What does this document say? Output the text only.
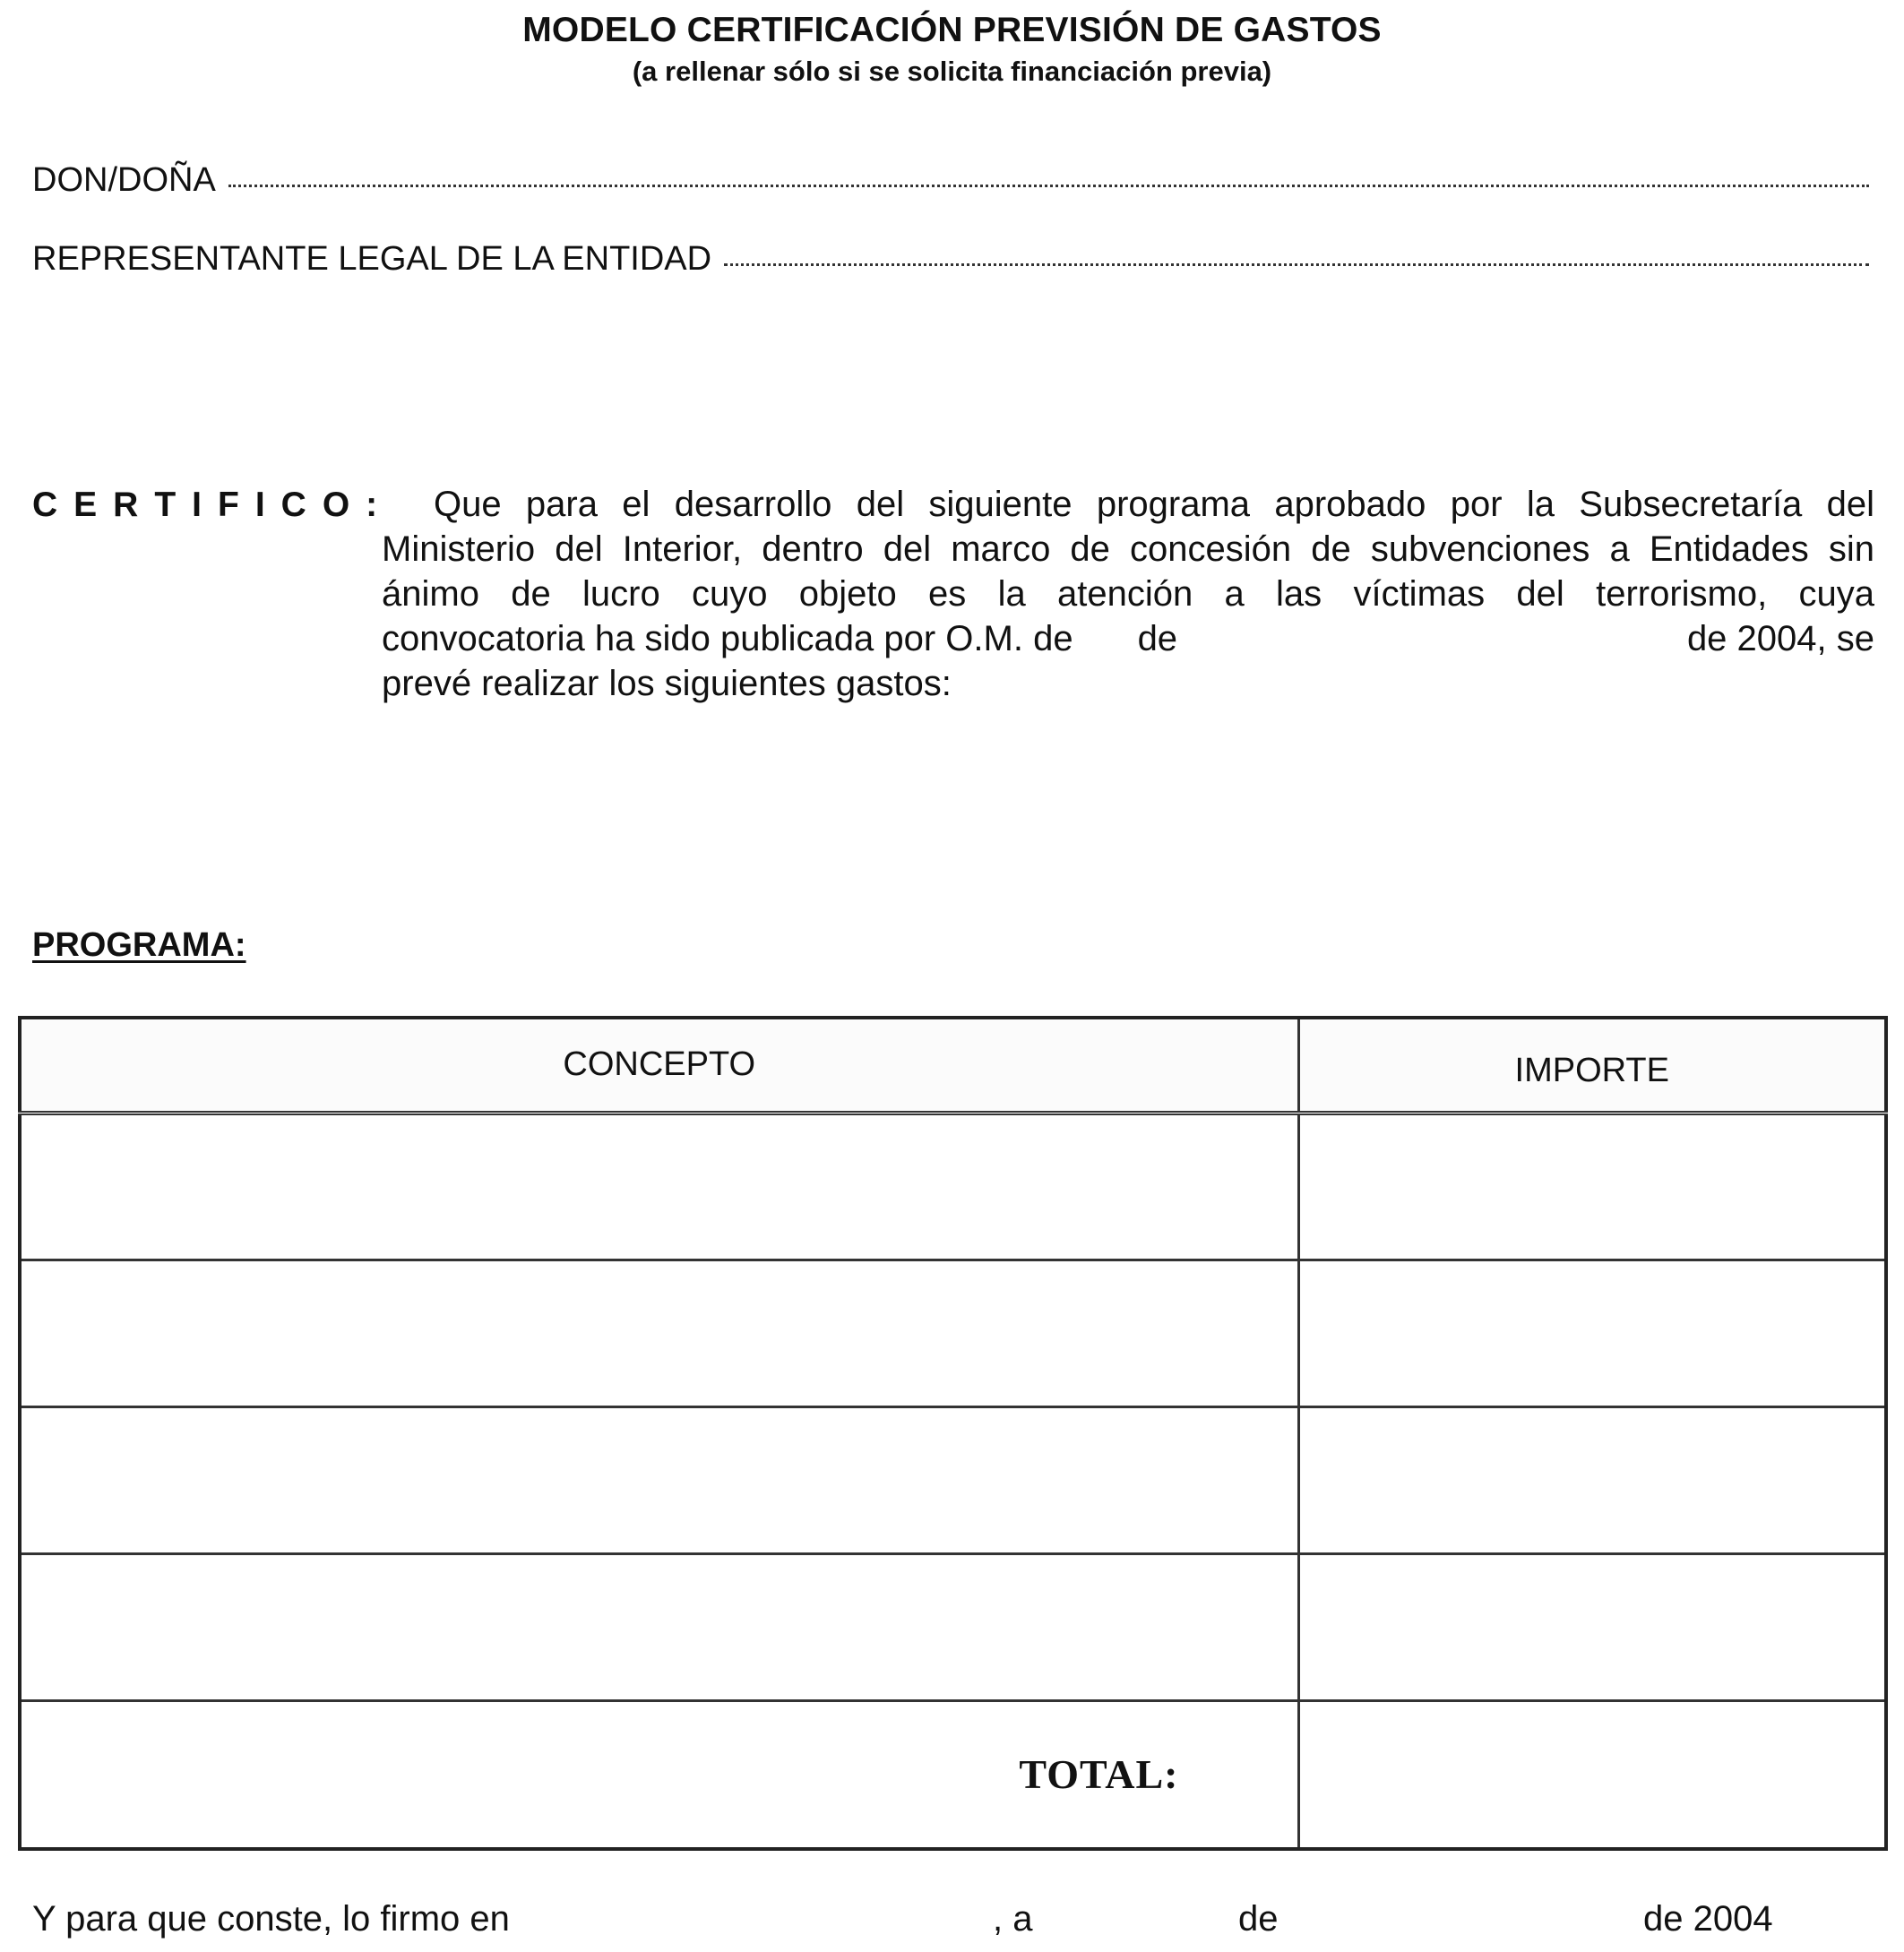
MODELO CERTIFICACIÓN PREVISIÓN DE GASTOS
(a rellenar sólo si se solicita financiación previa)
DON/DOÑA
REPRESENTANTE LEGAL DE LA ENTIDAD
CERTIFICO: Que para el desarrollo del siguiente programa aprobado por la Subsecretaría del
Ministerio del Interior, dentro del marco de concesión de subvenciones a Entidades sin
ánimo de lucro cuyo objeto es la atención a las víctimas del terrorismo, cuya
convocatoria ha sido publicada por O.M. de de	de 2004, se
prevé realizar los siguientes gastos:
PROGRAMA:
CONCEPTO	IMPORTE

TOTAL:	
Y para que conste, lo firmo en	, a	de	de 2004
